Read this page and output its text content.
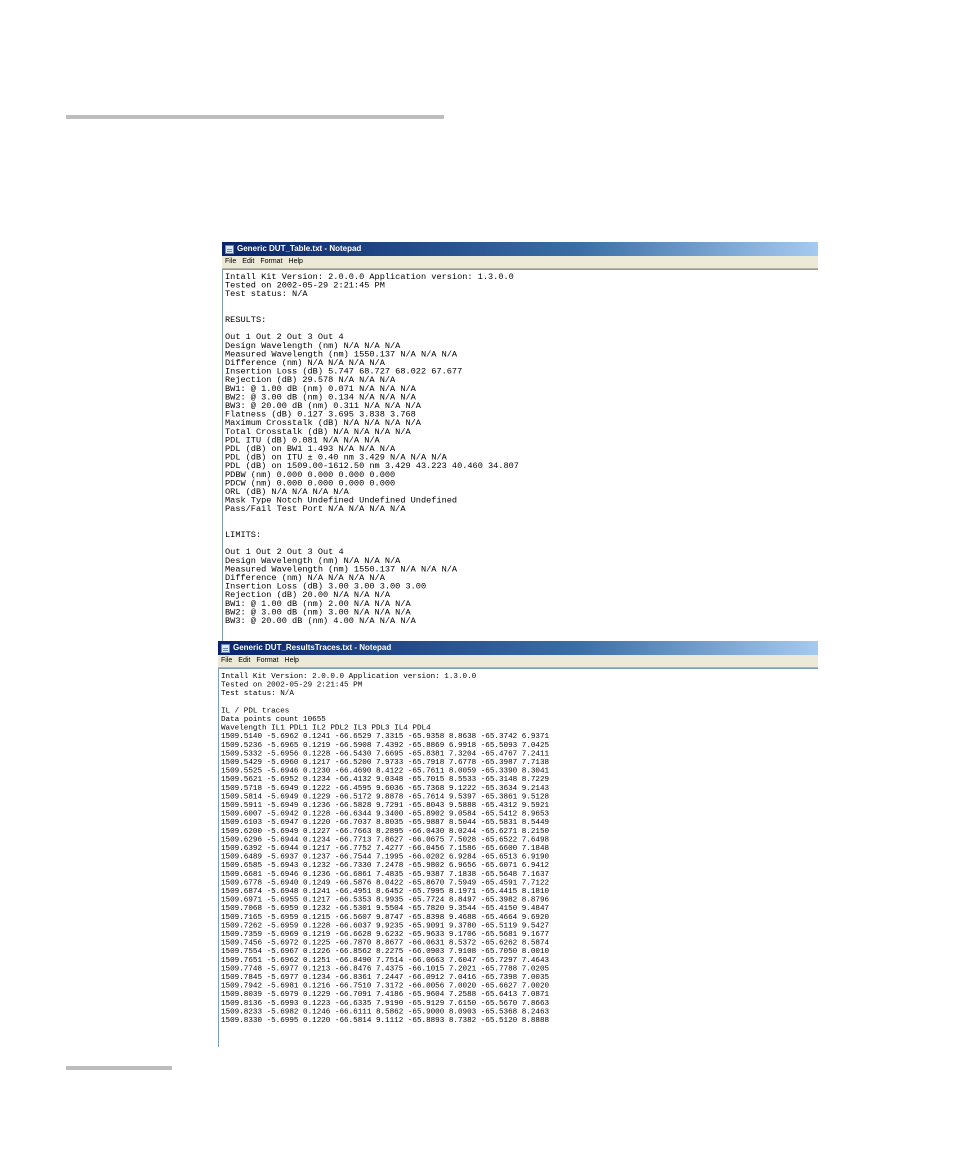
Generic DUT_Table.txt - Notepad
File Edit Format Help
Intall Kit Version: 2.0.0.0 Application version: 1.3.0.0
Tested on 2002-05-29 2:21:45 PM
Test status: N/A
RESULTS:
Out 1 Out 2 Out 3 Out 4
Design Wavelength (nm) N/A N/A N/A
Measured Wavelength (nm) 1550.137 N/A N/A N/A
Difference (nm) N/A N/A N/A N/A
Insertion Loss (dB) 5.747 68.727 68.022 67.677
Rejection (dB) 29.578 N/A N/A N/A
BW1: @ 1.00 dB (nm) 0.071 N/A N/A N/A
BW2: @ 3.00 dB (nm) 0.134 N/A N/A N/A
BW3: @ 20.00 dB (nm) 0.311 N/A N/A N/A
Flatness (dB) 0.127 3.695 3.838 3.768
Maximum Crosstalk (dB) N/A N/A N/A N/A
Total Crosstalk (dB) N/A N/A N/A N/A
PDL ITU (dB) 0.081 N/A N/A N/A
PDL (dB) on BW1 1.493 N/A N/A N/A
PDL (dB) on ITU ± 0.40 nm 3.429 N/A N/A N/A
PDL (dB) on 1509.00-1612.50 nm 3.429 43.223 40.460 34.807
PDBW (nm) 0.000 0.000 0.000 0.000
PDCW (nm) 0.000 0.000 0.000 0.000
ORL (dB) N/A N/A N/A N/A
Mask Type Notch Undefined Undefined Undefined
Pass/Fail Test Port N/A N/A N/A N/A
LIMITS:
Out 1 Out 2 Out 3 Out 4
Design Wavelength (nm) N/A N/A N/A
Measured Wavelength (nm) 1550.137 N/A N/A N/A
Difference (nm) N/A N/A N/A N/A
Insertion Loss (dB) 3.00 3.00 3.00 3.00
Rejection (dB) 20.00 N/A N/A N/A
BW1: @ 1.00 dB (nm) 2.00 N/A N/A N/A
BW2: @ 3.00 dB (nm) 3.00 N/A N/A N/A
BW3: @ 20.00 dB (nm) 4.00 N/A N/A N/A
Generic DUT_ResultsTraces.txt - Notepad
File Edit Format Help
Intall Kit Version: 2.0.0.0 Application version: 1.3.0.0
Tested on 2002-05-29 2:21:45 PM
Test status: N/A
IL / PDL traces
Data points count 10655
Wavelength IL1 PDL1 IL2 PDL2 IL3 PDL3 IL4 PDL4
1509.5140 -5.6962 0.1241 -66.6529 7.3315 -65.9358 8.8638 -65.3742 6.9371
1509.5236 -5.6965 0.1219 -66.5908 7.4392 -65.8869 6.9918 -65.5093 7.0425
1509.5332 -5.6956 0.1228 -66.5430 7.6695 -65.8381 7.3204 -65.4767 7.2411
1509.5429 -5.6960 0.1217 -66.5200 7.9733 -65.7918 7.6778 -65.3987 7.7138
1509.5525 -5.6946 0.1230 -66.4690 8.4122 -65.7611 8.0059 -65.3390 8.3041
1509.5621 -5.6952 0.1234 -66.4132 9.0348 -65.7015 8.5533 -65.3148 8.7229
1509.5718 -5.6949 0.1222 -66.4595 9.6036 -65.7368 9.1222 -65.3634 9.2143
1509.5814 -5.6949 0.1229 -66.5172 9.8878 -65.7614 9.5397 -65.3861 9.5128
1509.5911 -5.6949 0.1236 -66.5828 9.7291 -65.8043 9.5888 -65.4312 9.5921
1509.6007 -5.6942 0.1228 -66.6344 9.3400 -65.8902 9.0584 -65.5412 8.9653
1509.6103 -5.6947 0.1220 -66.7037 8.8035 -65.9887 8.5044 -65.5831 8.5449
1509.6200 -5.6949 0.1227 -66.7663 8.2895 -66.0430 8.0244 -65.6271 8.2150
1509.6296 -5.6944 0.1234 -66.7713 7.8627 -66.0675 7.5028 -65.6522 7.6498
1509.6392 -5.6944 0.1217 -66.7752 7.4277 -66.0456 7.1586 -65.6600 7.1848
1509.6489 -5.6937 0.1237 -66.7544 7.1995 -66.0202 6.9284 -65.6513 6.9190
1509.6585 -5.6943 0.1232 -66.7330 7.2478 -65.9802 6.9656 -65.6071 6.9412
1509.6681 -5.6946 0.1236 -66.6861 7.4835 -65.9387 7.1838 -65.5648 7.1637
1509.6778 -5.6940 0.1249 -66.5876 8.0422 -65.8670 7.5949 -65.4591 7.7122
1509.6874 -5.6948 0.1241 -66.4951 8.6452 -65.7995 8.1971 -65.4415 8.1810
1509.6971 -5.6955 0.1217 -66.5353 8.9935 -65.7724 8.8497 -65.3982 8.8796
1509.7068 -5.6959 0.1232 -66.5301 9.5504 -65.7820 9.3544 -65.4150 9.4847
1509.7165 -5.6959 0.1215 -66.5607 9.8747 -65.8398 9.4688 -65.4664 9.6920
1509.7262 -5.6959 0.1228 -66.6037 9.9235 -65.9091 9.3780 -65.5119 9.5427
1509.7359 -5.6969 0.1219 -66.6628 9.6232 -65.9633 9.1706 -65.5681 9.1677
1509.7456 -5.6972 0.1225 -66.7870 8.8677 -66.0631 8.5372 -65.6262 8.5874
1509.7554 -5.6967 0.1226 -66.8562 8.2275 -66.0903 7.9108 -65.7050 8.0010
1509.7651 -5.6962 0.1251 -66.8490 7.7514 -66.0663 7.6047 -65.7297 7.4643
1509.7748 -5.6977 0.1213 -66.8476 7.4375 -66.1015 7.2021 -65.7788 7.0205
1509.7845 -5.6977 0.1234 -66.8361 7.2447 -66.0912 7.0416 -65.7398 7.0035
1509.7942 -5.6981 0.1216 -66.7510 7.3172 -66.0056 7.0020 -65.6627 7.0020
1509.8039 -5.6979 0.1229 -66.7091 7.4186 -65.9604 7.2588 -65.6413 7.0871
1509.8136 -5.6993 0.1223 -66.6335 7.9190 -65.9129 7.6150 -65.5670 7.8663
1509.8233 -5.6982 0.1246 -66.6111 8.5862 -65.9000 8.0903 -65.5368 8.2463
1509.8330 -5.6995 0.1220 -66.5814 9.1112 -65.8893 8.7382 -65.5120 8.8888
